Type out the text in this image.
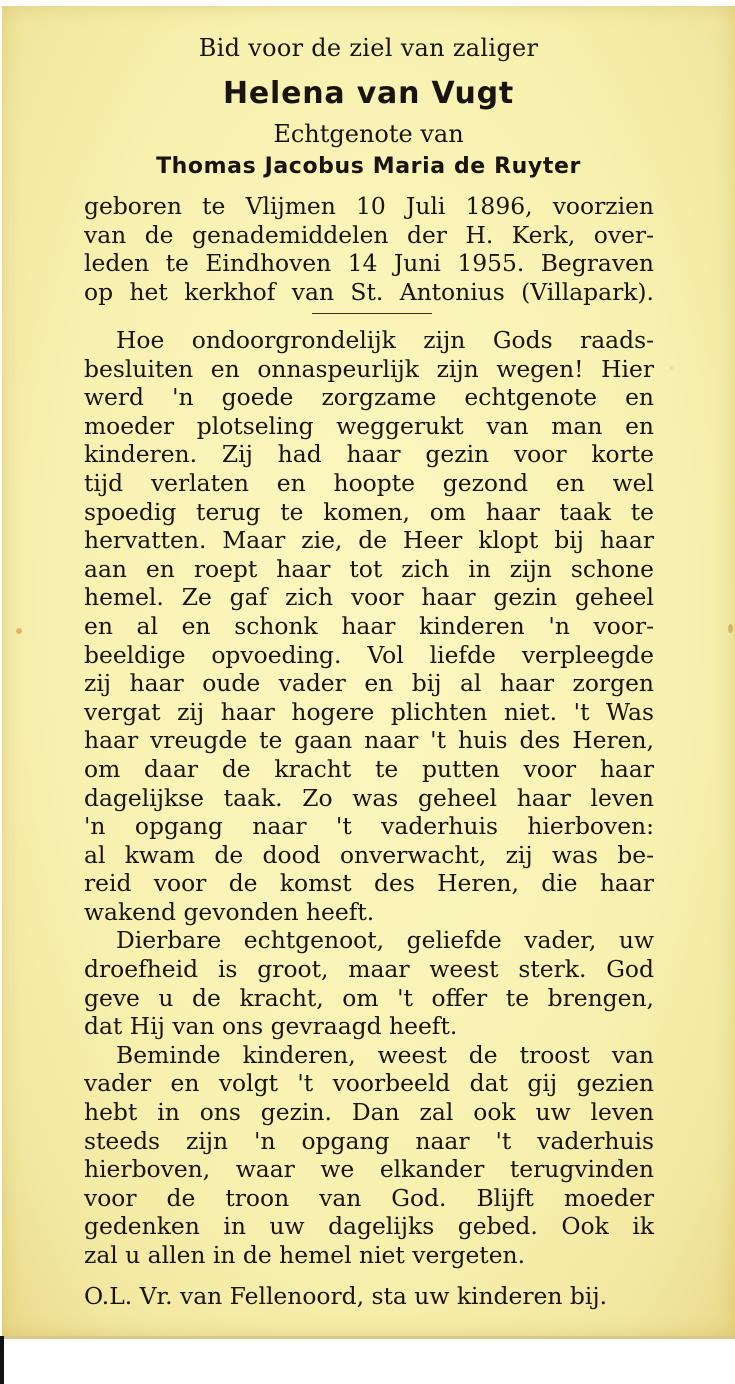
Bid voor de ziel van zaliger
Helena van Vugt
Echtgenote van
Thomas Jacobus Maria de Ruyter
geboren te Vlijmen 10 Juli 1896, voorzien
van de genademiddelen der H. Kerk, over-
leden te Eindhoven 14 Juni 1955. Begraven
op het kerkhof van St. Antonius (Villapark).
Hoe ondoorgrondelijk zijn Gods raads-
besluiten en onnaspeurlijk zijn wegen! Hier
werd 'n goede zorgzame echtgenote en
moeder plotseling weggerukt van man en
kinderen. Zij had haar gezin voor korte
tijd verlaten en hoopte gezond en wel
spoedig terug te komen, om haar taak te
hervatten. Maar zie, de Heer klopt bij haar
aan en roept haar tot zich in zijn schone
hemel. Ze gaf zich voor haar gezin geheel
en al en schonk haar kinderen 'n voor-
beeldige opvoeding. Vol liefde verpleegde
zij haar oude vader en bij al haar zorgen
vergat zij haar hogere plichten niet. 't Was
haar vreugde te gaan naar 't huis des Heren,
om daar de kracht te putten voor haar
dagelijkse taak. Zo was geheel haar leven
'n opgang naar 't vaderhuis hierboven:
al kwam de dood onverwacht, zij was be-
reid voor de komst des Heren, die haar
wakend gevonden heeft.
Dierbare echtgenoot, geliefde vader, uw
droefheid is groot, maar weest sterk. God
geve u de kracht, om 't offer te brengen,
dat Hij van ons gevraagd heeft.
Beminde kinderen, weest de troost van
vader en volgt 't voorbeeld dat gij gezien
hebt in ons gezin. Dan zal ook uw leven
steeds zijn 'n opgang naar 't vaderhuis
hierboven, waar we elkander terugvinden
voor de troon van God. Blijft moeder
gedenken in uw dagelijks gebed. Ook ik
zal u allen in de hemel niet vergeten.
O.L. Vr. van Fellenoord, sta uw kinderen bij.
